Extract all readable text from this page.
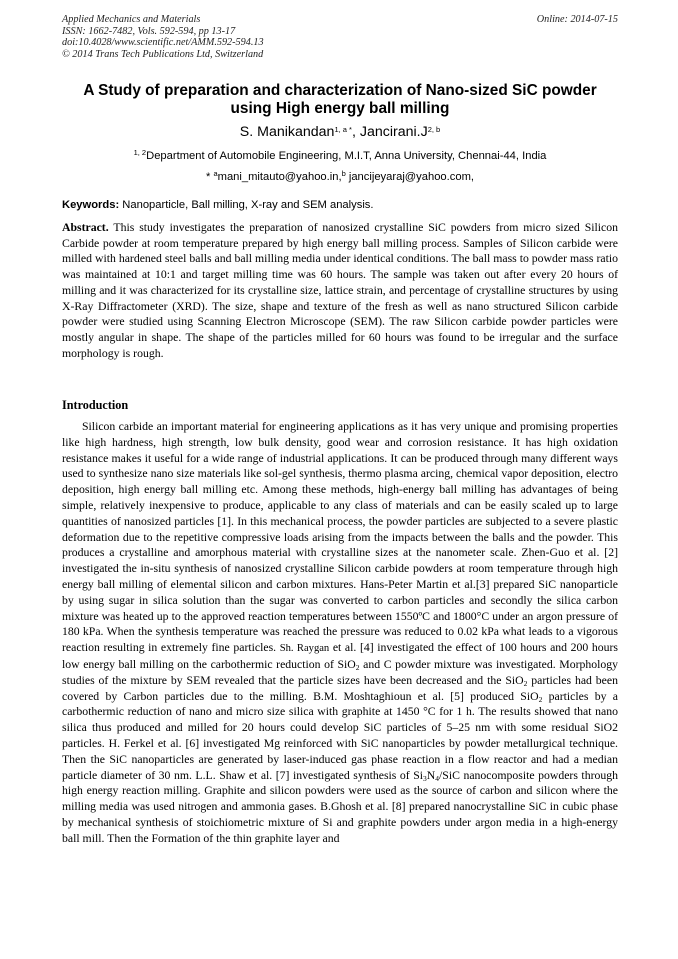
Applied Mechanics and Materials
ISSN: 1662-7482, Vols. 592-594, pp 13-17
doi:10.4028/www.scientific.net/AMM.592-594.13
© 2014 Trans Tech Publications Ltd, Switzerland
Online: 2014-07-15
A Study of preparation and characterization of Nano-sized SiC powder
using High energy ball milling
S. Manikandan$^{1, a *}$, $Jancirani.J^{2, b}$
$^{1, 2}$Department of Automobile Engineering, M.I.T, Anna University, Chennai-44, India
* $^a$mani_mitauto@yahoo.in,$^b$ jancijeyaraj@yahoo.com,
Keywords: Nanoparticle, Ball milling, X-ray and SEM analysis.
Abstract. This study investigates the preparation of nanosized crystalline SiC powders from micro sized Silicon Carbide powder at room temperature prepared by high energy ball milling process. Samples of Silicon carbide were milled with hardened steel balls and ball milling media under identical conditions. The ball mass to powder mass ratio was maintained at 10:1 and target milling time was 60 hours. The sample was taken out after every 20 hours of milling and it was characterized for its crystalline size, lattice strain, and percentage of crystalline structures by using X-Ray Diffractometer (XRD). The size, shape and texture of the fresh as well as nano structured Silicon carbide powder were studied using Scanning Electron Microscope (SEM). The raw Silicon carbide powder particles were mostly angular in shape. The shape of the particles milled for 60 hours was found to be irregular and the surface morphology is rough.
Introduction
Silicon carbide an important material for engineering applications as it has very unique and promising properties like high hardness, high strength, low bulk density, good wear and corrosion resistance. It has high oxidation resistance makes it useful for a wide range of industrial applications. It can be produced through many different ways used to synthesize nano size materials like sol-gel synthesis, thermo plasma arcing, chemical vapor deposition, electro deposition, high energy ball milling etc. Among these methods, high-energy ball milling has advantages of being simple, relatively inexpensive to produce, applicable to any class of materials and can be easily scaled up to large quantities of nanosized particles [1]. In this mechanical process, the powder particles are subjected to a severe plastic deformation due to the repetitive compressive loads arising from the impacts between the balls and the powder. This produces a crystalline and amorphous material with crystalline sizes at the nanometer scale. Zhen-Guo et al. [2] investigated the in-situ synthesis of nanosized crystalline Silicon carbide powders at room temperature through high energy ball milling of elemental silicon and carbon mixtures. Hans-Peter Martin et al.[3] prepared SiC nanoparticle by using sugar in silica solution than the sugar was converted to carbon particles and secondly the silica carbon mixture was heated up to the approved reaction temperatures between 1550ºC and 1800°C under an argon pressure of 180 kPa. When the synthesis temperature was reached the pressure was reduced to 0.02 kPa what leads to a vigorous reaction resulting in extremely fine particles. Sh. Raygan et al. [4] investigated the effect of 100 hours and 200 hours low energy ball milling on the carbothermic reduction of SiO$_2$ and C powder mixture was investigated. Morphology studies of the mixture by SEM revealed that the particle sizes have been decreased and the SiO$_2$ particles had been covered by Carbon particles due to the milling. B.M. Moshtaghioun et al. [5] produced SiO$_2$ particles by a carbothermic reduction of nano and micro size silica with graphite at 1450 °C for 1 h. The results showed that nano silica thus produced and milled for 20 hours could develop SiC particles of 5–25 nm with some residual SiO2 particles. H. Ferkel et al. [6] investigated Mg reinforced with SiC nanoparticles by powder metallurgical technique. Then the SiC nanoparticles are generated by laser-induced gas phase reaction in a flow reactor and had a median particle diameter of 30 nm. L.L. Shaw et al. [7] investigated synthesis of $Si_3N_4$/SiC nanocomposite powders through high energy reaction milling. Graphite and silicon powders were used as the source of carbon and silicon where the milling media was used nitrogen and ammonia gases. B.Ghosh et al. [8] prepared nanocrystalline SiC in cubic phase by mechanical synthesis of stoichiometric mixture of Si and graphite powders under argon media in a high-energy ball mill. Then the Formation of the thin graphite layer and
